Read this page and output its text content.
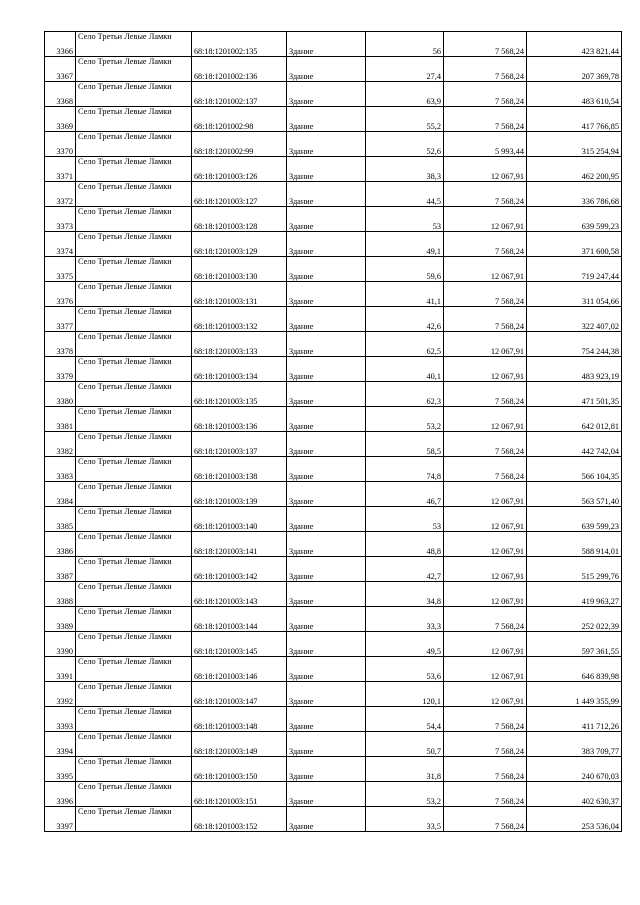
3366	Село Третьи Левые Ламки	68:18:1201002:135	Здание	56	7 568,24	423 821,44
3367	Село Третьи Левые Ламки	68:18:1201002:136	Здание	27,4	7 568,24	207 369,78
3368	Село Третьи Левые Ламки	68:18:1201002:137	Здание	63,9	7 568,24	483 610,54
3369	Село Третьи Левые Ламки	68:18:1201002:98	Здание	55,2	7 568,24	417 766,85
3370	Село Третьи Левые Ламки	68:18:1201002:99	Здание	52,6	5 993,44	315 254,94
3371	Село Третьи Левые Ламки	68:18:1201003:126	Здание	38,3	12 067,91	462 200,95
3372	Село Третьи Левые Ламки	68:18:1201003:127	Здание	44,5	7 568,24	336 786,68
3373	Село Третьи Левые Ламки	68:18:1201003:128	Здание	53	12 067,91	639 599,23
3374	Село Третьи Левые Ламки	68:18:1201003:129	Здание	49,1	7 568,24	371 600,58
3375	Село Третьи Левые Ламки	68:18:1201003:130	Здание	59,6	12 067,91	719 247,44
3376	Село Третьи Левые Ламки	68:18:1201003:131	Здание	41,1	7 568,24	311 054,66
3377	Село Третьи Левые Ламки	68:18:1201003:132	Здание	42,6	7 568,24	322 407,02
3378	Село Третьи Левые Ламки	68:18:1201003:133	Здание	62,5	12 067,91	754 244,38
3379	Село Третьи Левые Ламки	68:18:1201003:134	Здание	40,1	12 067,91	483 923,19
3380	Село Третьи Левые Ламки	68:18:1201003:135	Здание	62,3	7 568,24	471 501,35
3381	Село Третьи Левые Ламки	68:18:1201003:136	Здание	53,2	12 067,91	642 012,81
3382	Село Третьи Левые Ламки	68:18:1201003:137	Здание	58,5	7 568,24	442 742,04
3383	Село Третьи Левые Ламки	68:18:1201003:138	Здание	74,8	7 568,24	566 104,35
3384	Село Третьи Левые Ламки	68:18:1201003:139	Здание	46,7	12 067,91	563 571,40
3385	Село Третьи Левые Ламки	68:18:1201003:140	Здание	53	12 067,91	639 599,23
3386	Село Третьи Левые Ламки	68:18:1201003:141	Здание	48,8	12 067,91	588 914,01
3387	Село Третьи Левые Ламки	68:18:1201003:142	Здание	42,7	12 067,91	515 299,76
3388	Село Третьи Левые Ламки	68:18:1201003:143	Здание	34,8	12 067,91	419 963,27
3389	Село Третьи Левые Ламки	68:18:1201003:144	Здание	33,3	7 568,24	252 022,39
3390	Село Третьи Левые Ламки	68:18:1201003:145	Здание	49,5	12 067,91	597 361,55
3391	Село Третьи Левые Ламки	68:18:1201003:146	Здание	53,6	12 067,91	646 839,98
3392	Село Третьи Левые Ламки	68:18:1201003:147	Здание	120,1	12 067,91	1 449 355,99
3393	Село Третьи Левые Ламки	68:18:1201003:148	Здание	54,4	7 568,24	411 712,26
3394	Село Третьи Левые Ламки	68:18:1201003:149	Здание	50,7	7 568,24	383 709,77
3395	Село Третьи Левые Ламки	68:18:1201003:150	Здание	31,8	7 568,24	240 670,03
3396	Село Третьи Левые Ламки	68:18:1201003:151	Здание	53,2	7 568,24	402 630,37
3397	Село Третьи Левые Ламки	68:18:1201003:152	Здание	33,5	7 568,24	253 536,04
